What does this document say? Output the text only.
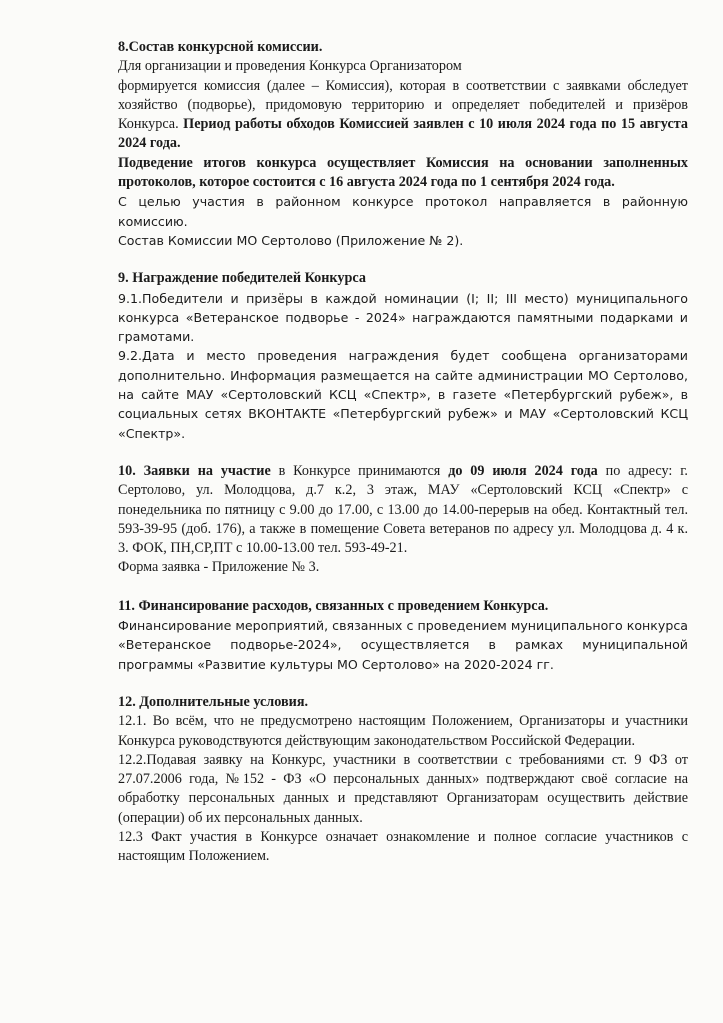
8.Состав конкурсной комиссии.

Для организации и проведения Конкурса Организатором

формируется комиссия (далее – Комиссия), которая в соответствии с заявками обследует хозяйство (подворье), придомовую территорию и определяет победителей и призёров Конкурса. Период работы обходов Комиссией заявлен с 10 июля 2024 года по 15 августа 2024 года.

Подведение итогов конкурса осуществляет Комиссия на основании заполненных протоколов, которое состоится с 16 августа 2024 года по 1 сентября 2024 года.

С целью участия в районном конкурсе протокол направляется в районную комиссию.

Состав Комиссии МО Сертолово (Приложение № 2).

9. Награждение победителей Конкурса

9.1.Победители и призёры в каждой номинации (I; II; III место) муниципального конкурса «Ветеранское подворье - 2024» награждаются памятными подарками и грамотами.

9.2.Дата и место проведения награждения будет сообщена организаторами дополнительно. Информация размещается на сайте администрации МО Сертолово, на сайте МАУ «Сертоловский КСЦ «Спектр», в газете «Петербургский рубеж», в социальных сетях ВКОНТАКТЕ «Петербургский рубеж» и МАУ «Сертоловский КСЦ «Спектр».

10. Заявки на участие в Конкурсе принимаются до 09 июля 2024 года по адресу: г. Сертолово, ул. Молодцова, д.7 к.2, 3 этаж, МАУ «Сертоловский КСЦ «Спектр» с понедельника по пятницу с 9.00 до 17.00, с 13.00 до 14.00-перерыв на обед. Контактный тел. 593-39-95 (доб. 176), а также в помещение Совета ветеранов по адресу ул. Молодцова д. 4 к. 3. ФОК, ПН,СР,ПТ с 10.00-13.00 тел. 593-49-21.

Форма заявка - Приложение № 3.

11. Финансирование расходов, связанных с проведением Конкурса.

Финансирование мероприятий, связанных с проведением муниципального конкурса «Ветеранское подворье-2024», осуществляется в рамках муниципальной программы «Развитие культуры МО Сертолово» на 2020-2024 гг.

12. Дополнительные условия.

12.1. Во всём, что не предусмотрено настоящим Положением, Организаторы и участники Конкурса руководствуются действующим законодательством Российской Федерации.

12.2.Подавая заявку на Конкурс, участники в соответствии с требованиями ст. 9 ФЗ от 27.07.2006 года, №152 - ФЗ «О персональных данных» подтверждают своё согласие на обработку персональных данных и представляют Организаторам осуществить действие (операции) об их персональных данных.

12.3 Факт участия в Конкурсе означает ознакомление и полное согласие участников с настоящим Положением.
